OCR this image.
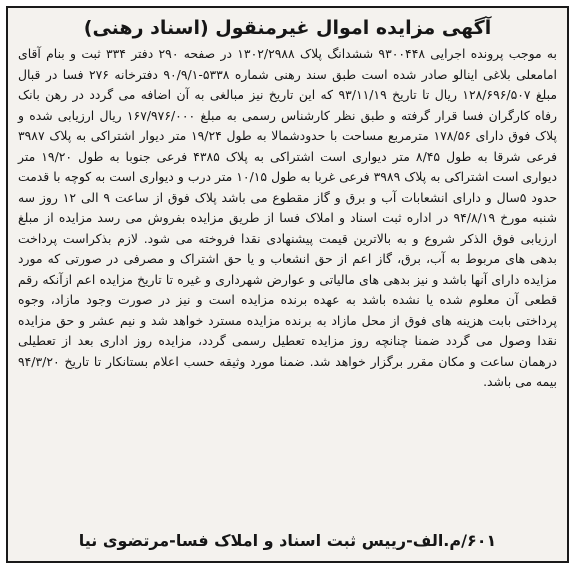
آگهی مزایده اموال غیرمنقول (اسناد رهنی)

به موجب پرونده اجرایی ۹۳۰۰۴۴۸ ششدانگ پلاک ۱۳۰۲/۲۹۸۸ در صفحه ۲۹۰ دفتر ۳۳۴ ثبت و بنام آقای امامعلی بلاغی اینالو صادر شده است طبق سند رهنی شماره ۵۳۳۸-۹۰/۹/۱ دفترخانه ۲۷۶ فسا در قبال مبلغ ۱۲۸/۶۹۶/۵۰۷ ریال تا تاریخ ۹۳/۱۱/۱۹ که این تاریخ نیز مبالغی به آن اضافه می گردد در رهن بانک رفاه کارگران فسا قرار گرفته و طبق نظر کارشناس رسمی به مبلغ ۱۶۷/۹۷۶/۰۰۰ ریال ارزیابی شده و پلاک فوق دارای ۱۷۸/۵۶ مترمربع مساحت با حدودشمالا به طول ۱۹/۲۴ متر دیوار اشتراکی به پلاک ۳۹۸۷ فرعی شرقا به طول ۸/۴۵ متر دیواری است اشتراکی به پلاک ۴۳۸۵ فرعی جنوبا به طول ۱۹/۲۰ متر دیواری است اشتراکی به پلاک ۳۹۸۹ فرعی غربا به طول ۱۰/۱۵ متر درب و دیواری است به کوچه با قدمت حدود ۵سال و دارای انشعابات آب و برق و گاز مقطوع می باشد پلاک فوق از ساعت ۹ الی ۱۲ روز سه شنبه مورخ ۹۴/۸/۱۹ در اداره ثبت اسناد و املاک فسا از طریق مزایده بفروش می رسد مزایده از مبلغ ارزیابی فوق الذکر شروع و به بالاترین قیمت پیشنهادی نقدا فروخته می شود. لازم بذکراست پرداخت بدهی های مربوط به آب، برق، گاز اعم از حق انشعاب و یا حق اشتراک و مصرفی در صورتی که مورد مزایده دارای آنها باشد و نیز بدهی های مالیاتی و عوارض شهرداری و غیره تا تاریخ مزایده اعم ازآنکه رقم قطعی آن معلوم شده یا نشده باشد به عهده برنده مزایده است و نیز در صورت وجود مازاد، وجوه پرداختی بابت هزینه های فوق از محل مازاد به برنده مزایده مسترد خواهد شد و نیم عشر و حق مزایده نقدا وصول می گردد ضمنا چنانچه روز مزایده تعطیل رسمی گردد، مزایده روز اداری بعد از تعطیلی درهمان ساعت و مکان مقرر برگزار خواهد شد. ضمنا مورد وثیقه حسب اعلام بستانکار تا تاریخ ۹۴/۳/۲۰ بیمه می باشد.

۶۰۱/م.الف-رییس ثبت اسناد و املاک فسا-مرتضوی نیا
